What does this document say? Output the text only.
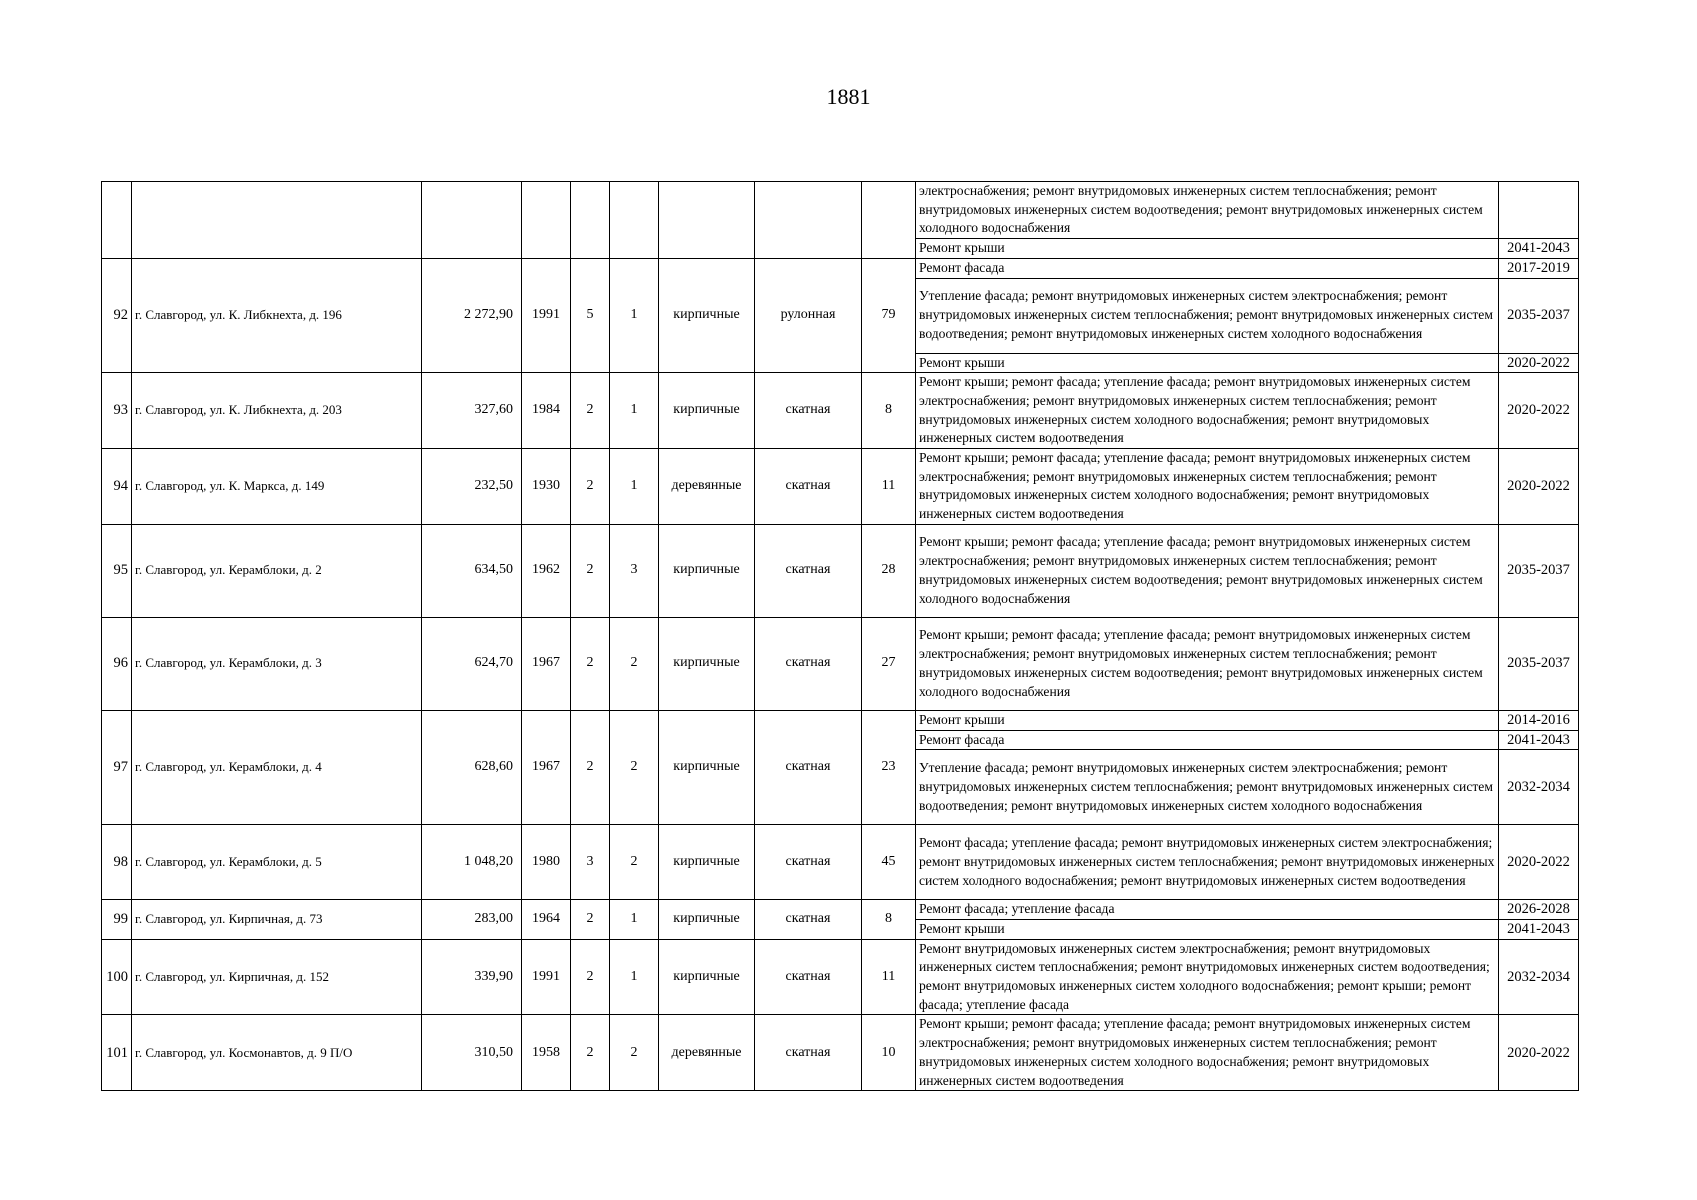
1881
									электроснабжения; ремонт внутридомовых инженерных систем теплоснабжения; ремонт внутридомовых инженерных систем водоотведения; ремонт внутридомовых инженерных систем холодного водоснабжения	
									Ремонт крыши	2041-2043
92	г. Славгород, ул. К. Либкнехта, д. 196	2 272,90	1991	5	1	кирпичные	рулонная	79	Ремонт фасада	2017-2019
									Утепление фасада; ремонт внутридомовых инженерных систем электроснабжения; ремонт внутридомовых инженерных систем теплоснабжения; ремонт внутридомовых инженерных систем водоотведения; ремонт внутридомовых инженерных систем холодного водоснабжения	2035-2037
									Ремонт крыши	2020-2022
93	г. Славгород, ул. К. Либкнехта, д. 203	327,60	1984	2	1	кирпичные	скатная	8	Ремонт крыши; ремонт фасада; утепление фасада; ремонт внутридомовых инженерных систем электроснабжения; ремонт внутридомовых инженерных систем теплоснабжения; ремонт внутридомовых инженерных систем холодного водоснабжения; ремонт внутридомовых инженерных систем водоотведения	2020-2022
94	г. Славгород, ул. К. Маркса, д. 149	232,50	1930	2	1	деревянные	скатная	11	Ремонт крыши; ремонт фасада; утепление фасада; ремонт внутридомовых инженерных систем электроснабжения; ремонт внутридомовых инженерных систем теплоснабжения; ремонт внутридомовых инженерных систем холодного водоснабжения; ремонт внутридомовых инженерных систем водоотведения	2020-2022
95	г. Славгород, ул. Керамблоки, д. 2	634,50	1962	2	3	кирпичные	скатная	28	Ремонт крыши; ремонт фасада; утепление фасада; ремонт внутридомовых инженерных систем электроснабжения; ремонт внутридомовых инженерных систем теплоснабжения; ремонт внутридомовых инженерных систем водоотведения; ремонт внутридомовых инженерных систем холодного водоснабжения	2035-2037
96	г. Славгород, ул. Керамблоки, д. 3	624,70	1967	2	2	кирпичные	скатная	27	Ремонт крыши; ремонт фасада; утепление фасада; ремонт внутридомовых инженерных систем электроснабжения; ремонт внутридомовых инженерных систем теплоснабжения; ремонт внутридомовых инженерных систем водоотведения; ремонт внутридомовых инженерных систем холодного водоснабжения	2035-2037
97	г. Славгород, ул. Керамблоки, д. 4	628,60	1967	2	2	кирпичные	скатная	23	Ремонт крыши	2014-2016
									Ремонт фасада	2041-2043
									Утепление фасада; ремонт внутридомовых инженерных систем электроснабжения; ремонт внутридомовых инженерных систем теплоснабжения; ремонт внутридомовых инженерных систем водоотведения; ремонт внутридомовых инженерных систем холодного водоснабжения	2032-2034
98	г. Славгород, ул. Керамблоки, д. 5	1 048,20	1980	3	2	кирпичные	скатная	45	Ремонт фасада; утепление фасада; ремонт внутридомовых инженерных систем электроснабжения; ремонт внутридомовых инженерных систем теплоснабжения; ремонт внутридомовых инженерных систем холодного водоснабжения; ремонт внутридомовых инженерных систем водоотведения	2020-2022
99	г. Славгород, ул. Кирпичная, д. 73	283,00	1964	2	1	кирпичные	скатная	8	Ремонт фасада; утепление фасада	2026-2028
									Ремонт крыши	2041-2043
100	г. Славгород, ул. Кирпичная, д. 152	339,90	1991	2	1	кирпичные	скатная	11	Ремонт внутридомовых инженерных систем электроснабжения; ремонт внутридомовых инженерных систем теплоснабжения; ремонт внутридомовых инженерных систем водоотведения; ремонт внутридомовых инженерных систем холодного водоснабжения; ремонт крыши; ремонт фасада; утепление фасада	2032-2034
101	г. Славгород, ул. Космонавтов, д. 9 П/О	310,50	1958	2	2	деревянные	скатная	10	Ремонт крыши; ремонт фасада; утепление фасада; ремонт внутридомовых инженерных систем электроснабжения; ремонт внутридомовых инженерных систем теплоснабжения; ремонт внутридомовых инженерных систем холодного водоснабжения; ремонт внутридомовых инженерных систем водоотведения	2020-2022
